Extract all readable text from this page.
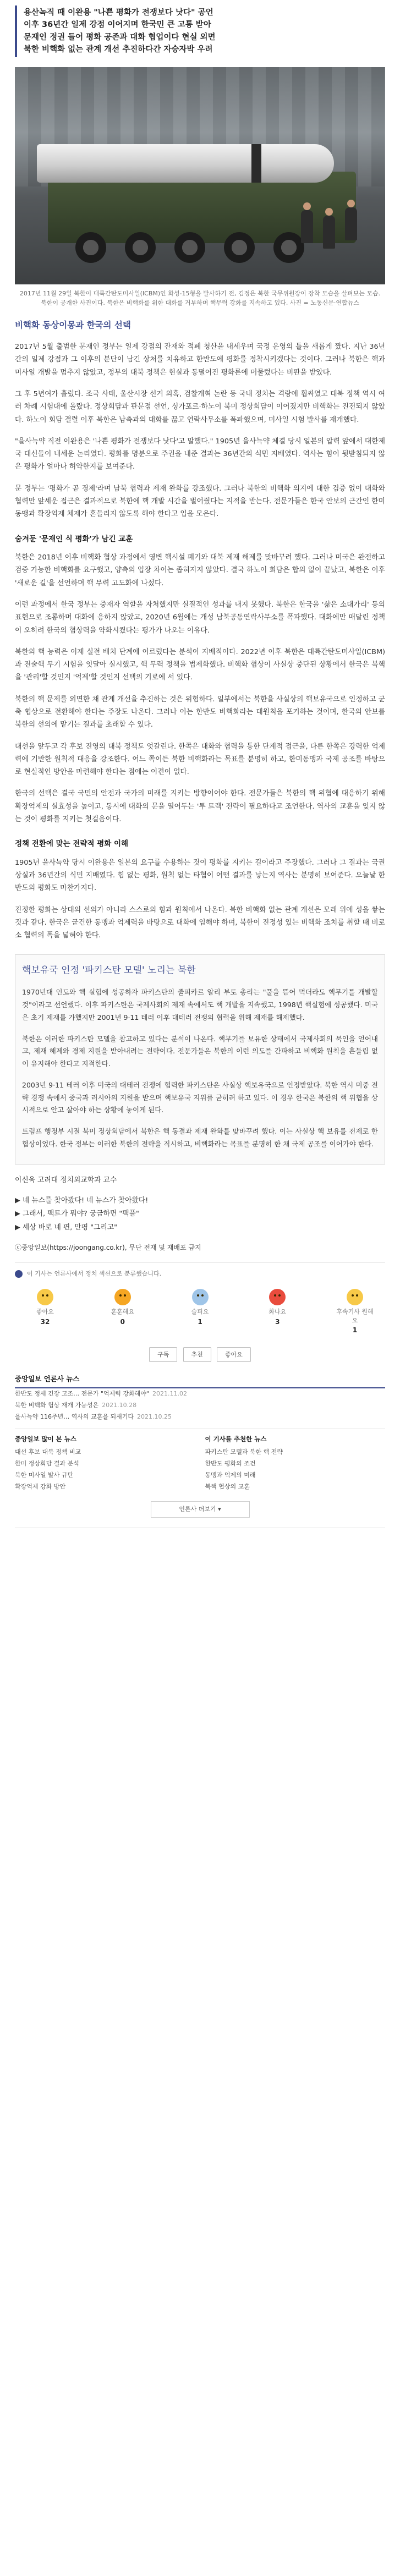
용산녹직 때 이완용 "나쁜 평화가 전쟁보다 낫다" 공언

이후 36년간 일제 강점 이어지며 한국민 큰 고통 받아

문재인 정권 들어 평화 공존과 대화 협업이다 현실 외면

북한 비핵화 없는 관계 개선 추진하다간 자승자박 우려

2017년 11월 29일 북한이 대륙간탄도미사일(ICBM)인 화성-15형을 발사하기 전, 김정은 북한 국무위원장이 장착 모습을 살펴보는 모습. 북한이 공개한 사진이다. 북한은 비핵화를 위한 대화를 거부하며 핵무력 강화를 지속하고 있다. 사진 = 노동신문·연합뉴스

비핵화 동상이몽과 한국의 선택

2017년 5월 출범한 문재인 정부는 일제 강점의 잔재와 적폐 청산을 내세우며 국정 운영의 틀을 새롭게 짰다. 지난 36년간의 일제 강점과 그 이후의 분단이 남긴 상처를 치유하고 한반도에 평화를 정착시키겠다는 것이다. 그러나 북한은 핵과 미사일 개발을 멈추지 않았고, 정부의 대북 정책은 현실과 동떨어진 평화론에 머물렀다는 비판을 받았다.

그 후 5년여가 흘렀다. 조국 사태, 울산시장 선거 의혹, 검찰개혁 논란 등 국내 정치는 격랑에 휩싸였고 대북 정책 역시 여러 차례 시험대에 올랐다. 정상회담과 판문점 선언, 싱가포르·하노이 북미 정상회담이 이어졌지만 비핵화는 진전되지 않았다. 하노이 회담 결렬 이후 북한은 남측과의 대화를 끊고 연락사무소를 폭파했으며, 미사일 시험 발사를 재개했다.

"을사늑약 직전 이완용은 '나쁜 평화가 전쟁보다 낫다'고 말했다." 1905년 을사늑약 체결 당시 일본의 압력 앞에서 대한제국 대신들이 내세운 논리였다. 평화를 명분으로 주권을 내준 결과는 36년간의 식민 지배였다. 역사는 힘이 뒷받침되지 않은 평화가 얼마나 허약한지를 보여준다.

문 정부는 '평화가 곧 경제'라며 남북 협력과 제재 완화를 강조했다. 그러나 북한의 비핵화 의지에 대한 검증 없이 대화와 협력만 앞세운 접근은 결과적으로 북한에 핵 개발 시간을 벌어줬다는 지적을 받는다. 전문가들은 한국 안보의 근간인 한미동맹과 확장억제 체제가 흔들리지 않도록 해야 한다고 입을 모은다.

숨겨둔 '문재인 식 평화'가 남긴 교훈

북한은 2018년 이후 비핵화 협상 과정에서 영변 핵시설 폐기와 대북 제재 해제를 맞바꾸려 했다. 그러나 미국은 완전하고 검증 가능한 비핵화를 요구했고, 양측의 입장 차이는 좁혀지지 않았다. 결국 하노이 회담은 합의 없이 끝났고, 북한은 이후 '새로운 길'을 선언하며 핵 무력 고도화에 나섰다.

이런 과정에서 한국 정부는 중재자 역할을 자처했지만 실질적인 성과를 내지 못했다. 북한은 한국을 '삶은 소대가리' 등의 표현으로 조롱하며 대화에 응하지 않았고, 2020년 6월에는 개성 남북공동연락사무소를 폭파했다. 대화에만 매달린 정책이 오히려 한국의 협상력을 약화시켰다는 평가가 나오는 이유다.

북한의 핵 능력은 이제 실전 배치 단계에 이르렀다는 분석이 지배적이다. 2022년 이후 북한은 대륙간탄도미사일(ICBM)과 전술핵 무기 시험을 잇달아 실시했고, 핵 무력 정책을 법제화했다. 비핵화 협상이 사실상 중단된 상황에서 한국은 북핵을 '관리'할 것인지 '억제'할 것인지 선택의 기로에 서 있다.

북한의 핵 문제를 외면한 채 관계 개선을 추진하는 것은 위험하다. 일부에서는 북한을 사실상의 핵보유국으로 인정하고 군축 협상으로 전환해야 한다는 주장도 나온다. 그러나 이는 한반도 비핵화라는 대원칙을 포기하는 것이며, 한국의 안보를 북한의 선의에 맡기는 결과를 초래할 수 있다.

대선을 앞두고 각 후보 진영의 대북 정책도 엇갈린다. 한쪽은 대화와 협력을 통한 단계적 접근을, 다른 한쪽은 강력한 억제력에 기반한 원칙적 대응을 강조한다. 어느 쪽이든 북한 비핵화라는 목표를 분명히 하고, 한미동맹과 국제 공조를 바탕으로 현실적인 방안을 마련해야 한다는 점에는 이견이 없다.

한국의 선택은 결국 국민의 안전과 국가의 미래를 지키는 방향이어야 한다. 전문가들은 북한의 핵 위협에 대응하기 위해 확장억제의 실효성을 높이고, 동시에 대화의 문을 열어두는 '투 트랙' 전략이 필요하다고 조언한다. 역사의 교훈을 잊지 않는 것이 평화를 지키는 첫걸음이다.

정책 전환에 맞는 전략적 평화 이해

1905년 을사늑약 당시 이완용은 일본의 요구를 수용하는 것이 평화를 지키는 길이라고 주장했다. 그러나 그 결과는 국권 상실과 36년간의 식민 지배였다. 힘 없는 평화, 원칙 없는 타협이 어떤 결과를 낳는지 역사는 분명히 보여준다. 오늘날 한반도의 평화도 마찬가지다.

진정한 평화는 상대의 선의가 아니라 스스로의 힘과 원칙에서 나온다. 북한 비핵화 없는 관계 개선은 모래 위에 성을 쌓는 것과 같다. 한국은 굳건한 동맹과 억제력을 바탕으로 대화에 임해야 하며, 북한이 진정성 있는 비핵화 조치를 취할 때 비로소 협력의 폭을 넓혀야 한다.

핵보유국 인정 '파키스탄 모델' 노리는 북한

1970년대 인도와 핵 실험에 성공하자 파키스탄의 줄피카르 알리 부토 총리는 "풀을 뜯어 먹더라도 핵무기를 개발할 것"이라고 선언했다. 이후 파키스탄은 국제사회의 제재 속에서도 핵 개발을 지속했고, 1998년 핵실험에 성공했다. 미국은 초기 제재를 가했지만 2001년 9·11 테러 이후 대테러 전쟁의 협력을 위해 제재를 해제했다.

북한은 이러한 파키스탄 모델을 참고하고 있다는 분석이 나온다. 핵무기를 보유한 상태에서 국제사회의 묵인을 얻어내고, 제재 해제와 경제 지원을 받아내려는 전략이다. 전문가들은 북한의 이런 의도를 간파하고 비핵화 원칙을 흔들림 없이 유지해야 한다고 지적한다.

2003년 9·11 테러 이후 미국의 대테러 전쟁에 협력한 파키스탄은 사실상 핵보유국으로 인정받았다. 북한 역시 미중 전략 경쟁 속에서 중국과 러시아의 지원을 받으며 핵보유국 지위를 굳히려 하고 있다. 이 경우 한국은 북한의 핵 위협을 상시적으로 안고 살아야 하는 상황에 놓이게 된다.

트럼프 행정부 시절 북미 정상회담에서 북한은 핵 동결과 제재 완화를 맞바꾸려 했다. 이는 사실상 핵 보유를 전제로 한 협상이었다. 한국 정부는 이러한 북한의 전략을 직시하고, 비핵화라는 목표를 분명히 한 채 국제 공조를 이어가야 한다.

이신욱 고려대 정치외교학과 교수

▶ 네 뉴스를 찾아봤다! 네 뉴스가 찾아왔다!
▶ 그래서, 팩트가 뭐야? 궁금하면 "팩플"
▶ 세상 바로 네 편, 만평 "그리고"

ⓒ중앙일보(https://joongang.co.kr), 무단 전재 및 재배포 금지

이 기사는 언론사에서 정치 섹션으로 분류했습니다.
좋아요
32
훈훈해요
0
슬퍼요
1
화나요
3
후속기사 원해요
1
구독	추천	좋아요
중앙일보 언론사 뉴스
한반도 정세 긴장 고조… 전문가 "억제력 강화해야" 2021.11.02
북한 비핵화 협상 재개 가능성은 2021.10.28
을사늑약 116주년… 역사의 교훈을 되새기다 2021.10.25
중앙일보 많이 본 뉴스
대선 후보 대북 정책 비교
한미 정상회담 결과 분석
북한 미사일 발사 규탄
확장억제 강화 방안
이 기사를 추천한 뉴스
파키스탄 모델과 북한 핵 전략
한반도 평화의 조건
동맹과 억제의 미래
북핵 협상의 교훈
언론사 더보기 ▾
